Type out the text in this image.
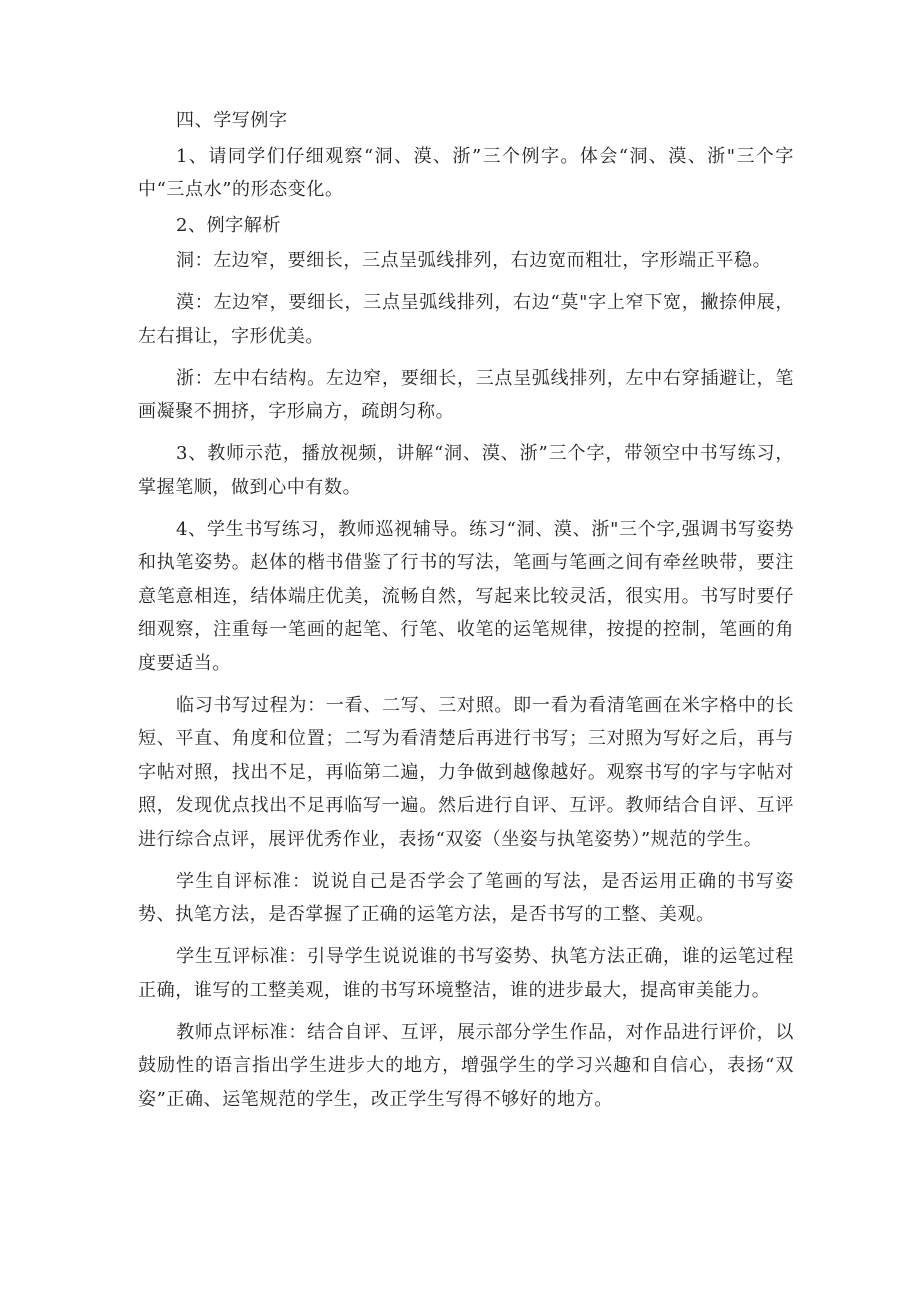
四、学写例字

1、请同学们仔细观察“洞、漠、浙”三个例字。体会“洞、漠、浙"三个字中“三点水”的形态变化。

2、例字解析

洞：左边窄，要细长，三点呈弧线排列，右边宽而粗壮，字形端正平稳。

漠：左边窄，要细长，三点呈弧线排列，右边“莫"字上窄下宽，撇捺伸展，左右揖让，字形优美。

浙：左中右结构。左边窄，要细长，三点呈弧线排列，左中右穿插避让，笔画凝聚不拥挤，字形扁方，疏朗匀称。

3、教师示范，播放视频，讲解“洞、漠、浙”三个字，带领空中书写练习，掌握笔顺，做到心中有数。

4、学生书写练习，教师巡视辅导。练习“洞、漠、浙"三个字,强调书写姿势和执笔姿势。赵体的楷书借鉴了行书的写法，笔画与笔画之间有牵丝映带，要注意笔意相连，结体端庄优美，流畅自然，写起来比较灵活，很实用。书写时要仔细观察，注重每一笔画的起笔、行笔、收笔的运笔规律，按提的控制，笔画的角度要适当。

临习书写过程为：一看、二写、三对照。即一看为看清笔画在米字格中的长短、平直、角度和位置；二写为看清楚后再进行书写；三对照为写好之后，再与字帖对照，找出不足，再临第二遍，力争做到越像越好。观察书写的字与字帖对照，发现优点找出不足再临写一遍。然后进行自评、互评。教师结合自评、互评进行综合点评，展评优秀作业，表扬“双姿（坐姿与执笔姿势）”规范的学生。

学生自评标准：说说自己是否学会了笔画的写法，是否运用正确的书写姿势、执笔方法，是否掌握了正确的运笔方法，是否书写的工整、美观。

学生互评标准：引导学生说说谁的书写姿势、执笔方法正确，谁的运笔过程正确，谁写的工整美观，谁的书写环境整洁，谁的进步最大，提高审美能力。

教师点评标准：结合自评、互评，展示部分学生作品，对作品进行评价，以鼓励性的语言指出学生进步大的地方，增强学生的学习兴趣和自信心，表扬“双姿”正确、运笔规范的学生，改正学生写得不够好的地方。
